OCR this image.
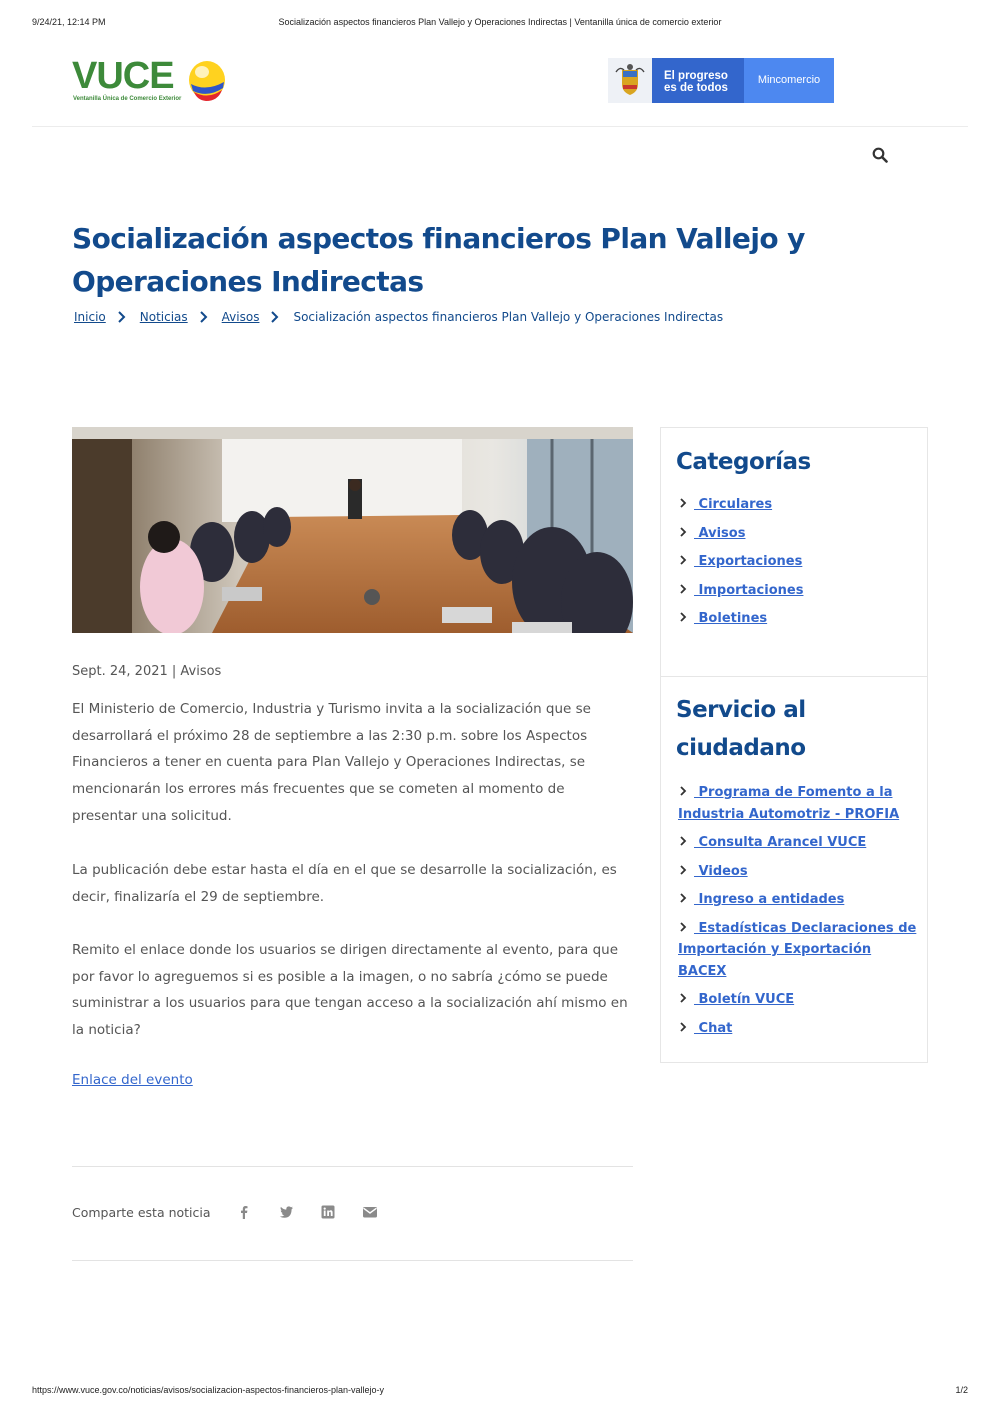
9/24/21, 12:14 PM	Socialización aspectos financieros Plan Vallejo y Operaciones Indirectas | Ventanilla única de comercio exterior
VUCE
Ventanilla Única de Comercio Exterior
El progreso
es de todos
Mincomercio
Socialización aspectos financieros Plan Vallejo y Operaciones Indirectas
Inicio	Noticias	Avisos	Socialización aspectos financieros Plan Vallejo y Operaciones Indirectas
Sept. 24, 2021 | Avisos

El Ministerio de Comercio, Industria y Turismo invita a la socialización que se desarrollará el próximo 28 de septiembre a las 2:30 p.m. sobre los Aspectos Financieros a tener en cuenta para Plan Vallejo y Operaciones Indirectas, se mencionarán los errores más frecuentes que se cometen al momento de presentar una solicitud.

La publicación debe estar hasta el día en el que se desarrolle la socialización, es decir, finalizaría el 29 de septiembre.

Remito el enlace donde los usuarios se dirigen directamente al evento, para que por favor lo agreguemos si es posible a la imagen, o no sabría ¿cómo se puede suministrar a los usuarios para que tengan acceso a la socialización ahí mismo en la noticia?

Enlace del evento
Comparte esta noticia
Categorías
Circulares
Avisos
Exportaciones
Importaciones
Boletines
Servicio al ciudadano
Programa de Fomento a la Industria Automotriz - PROFIA
Consulta Arancel VUCE
Videos
Ingreso a entidades
Estadísticas Declaraciones de Importación y Exportación BACEX
Boletín VUCE
Chat
https://www.vuce.gov.co/noticias/avisos/socializacion-aspectos-financieros-plan-vallejo-y	1/2
